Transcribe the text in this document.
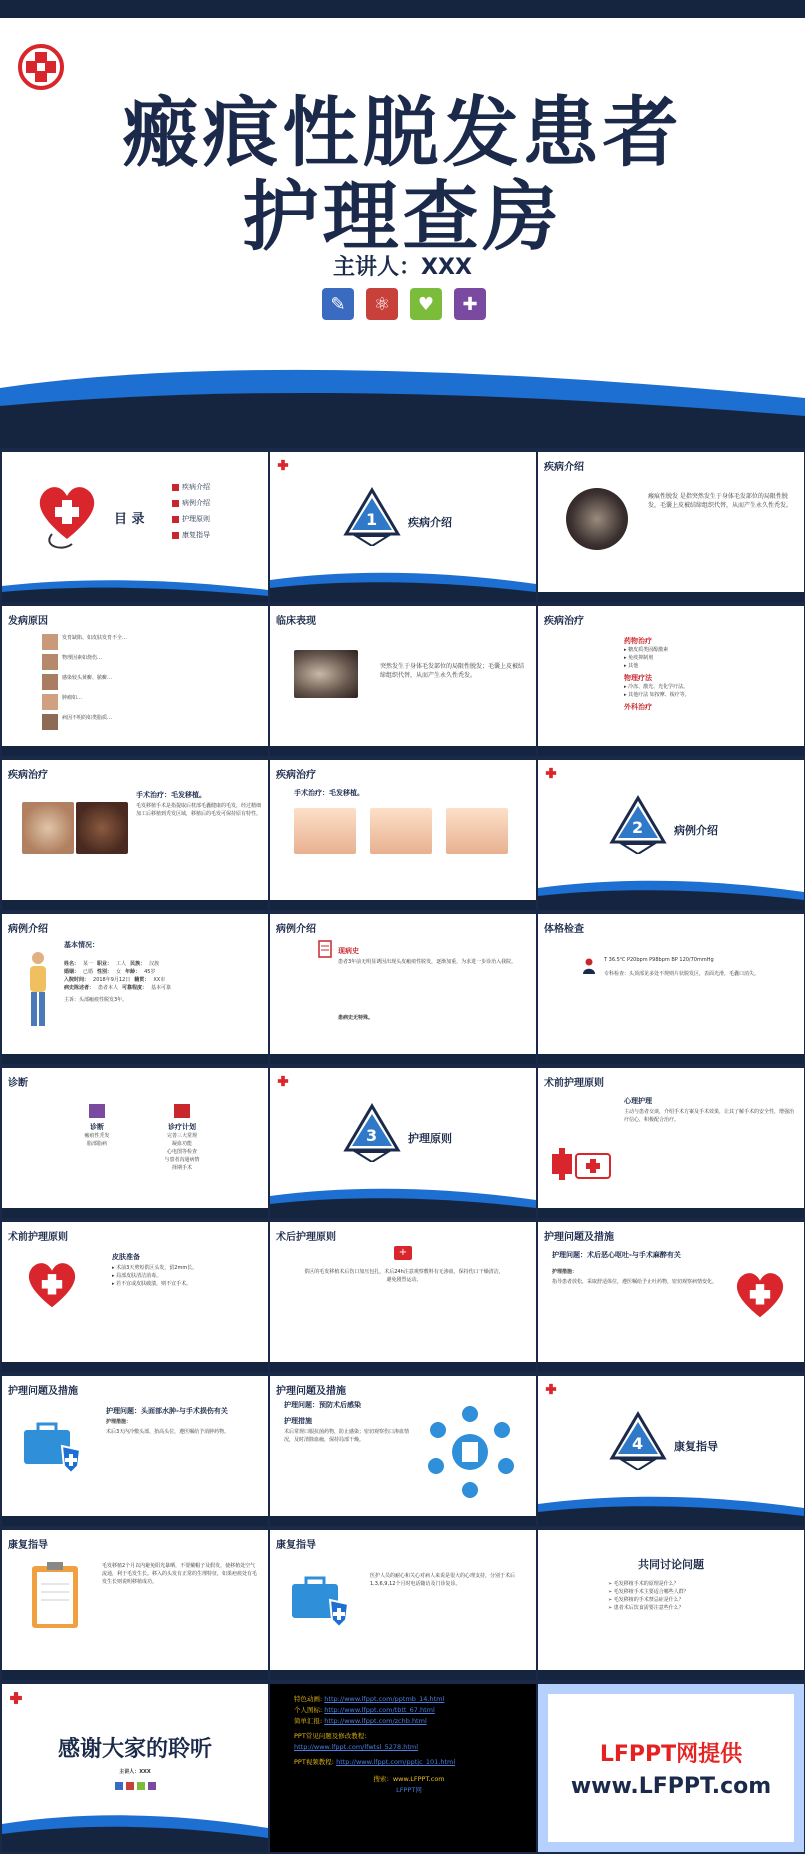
瘢痕性脱发患者
护理查房
主讲人：XXX
✎	⚛	♥	✚
目 录
疾病介绍
病例介绍
护理原则
康复指导
1	疾病介绍
疾病介绍
瘢痕性脱发 是指突然发生于身体毛发部位的局限性脱发，毛囊上皮被结缔组织代替，从而产生永久性秃发。
发病原因
发育缺陷、如皮肤发育不全…
物理因素如烧伤…
感染较头黄癣、脓癣…
肿瘤如…
病因不明的如类脂质…
临床表现
突然发生于身体毛发部位的局限性脱发；毛囊上皮被结缔组织代替，从而产生永久性秃发。
疾病治疗
药物治疗
▸ 糖皮质类固醇激素
▸ 免疫抑制剂
▸ 其他
物理疗法
▸ 冷冻、激光、光化学疗法。
▸ 其他疗法 如按摩、梳疗等。
外科治疗
疾病治疗
手术治疗：毛发移植。
毛发移植手术是指提取后枕部毛囊健康的毛发，经过精细加工后移植到秃发区域，移植后的毛发可保持原有特性。
疾病治疗
手术治疗：毛发移植。
2	病例介绍
病例介绍
基本情况：
姓名： 某一 职业： 工人 民族： 汉族
婚姻： 已婚 性别： 女 年龄： 45岁
入院时间： 2018年9月12日 籍贯： XX市
病史陈述者： 患者本人 可靠程度： 基本可靠
主诉：头部瘢痕性脱发3年。
病例介绍
现病史
患者3年前无明显诱因出现头皮瘢痕性脱发，逐渐加重，为求进一步诊治入我院。
患病史无特殊。
体格检查
T 36.5℃ P20bpm P98bpm BP 120/70mmHg
专科检查：头顶部见多处不规则片状脱发区，表面光滑，毛囊口消失。
诊断
诊断
瘢痕性秃发
脂部脂病
诊疗计划
完善三大常规
凝血功能
心电图等检查
与患者沟通病情
择期手术
3	护理原则
术前护理原则
心理护理
主动与患者交谈，介绍手术方案及手术效果，让其了解手术的安全性，增强治疗信心，积极配合治疗。
术前护理原则
皮肤准备
▸ 术前3天剪短供区头发，留2mm长。
▸ 局部皮肤清洁消毒。
▸ 若不宜或皮肤破溃，则不宜手术。
术后护理原则
+
供区的毛发移植术后伤口加压包扎，术后24h注意观察敷料有无渗血，保持伤口干燥清洁，避免剧烈运动。
护理问题及措施
护理问题：术后恶心呕吐-与手术麻醉有关
护理措施：
指导患者放松，采取舒适体位，遵医嘱给予止吐药物，密切观察病情变化。
护理问题及措施
护理问题：头面部水肿-与手术损伤有关
护理措施：
术后3天内冷敷头部，抬高头位，遵医嘱给予消肿药物。
护理问题及措施
护理问题：预防术后感染
护理措施
术后常规口服抗菌药物，防止感染；密切观察伤口渗血情况，及时清除血痂，保持局部干燥。	4	康复指导
康复指导
毛发移植2个月以内避免阳光暴晒，不要戴帽子及假发，使移植处空气流通，利于毛发生长。移入的头发有正常的生理特征，如果疤痕处有毛发生长则说明移植成功。
康复指导
医护人员的耐心和关心对病人来说是很大的心理支持，分别于术后1,3,6,9,12个月时电话随访及门诊复诊。
共同讨论问题
➢ 毛发移植手术的原理是什么？
➢ 毛发移植手术主要适合哪些人群？
➢ 毛发移植的手术禁忌症是什么？
➢ 患者术后饮食需要注意些什么？
感谢大家的聆听
主讲人：XXX
特色动画: http://www.lfppt.com/pptmb_14.html
个人图标: http://www.lfppt.com/tbtt_67.html
简单汇报: http://www.lfppt.com/zchb.html
PPT常见问题及修改教程:
http://www.lfppt.com/lfwtsl_5278.html
PPT视频教程: http://www.lfppt.com/pptjc_101.html
搜索：www.LFPPT.com
LFPPT网
LFPPT网提供
www.LFPPT.com
